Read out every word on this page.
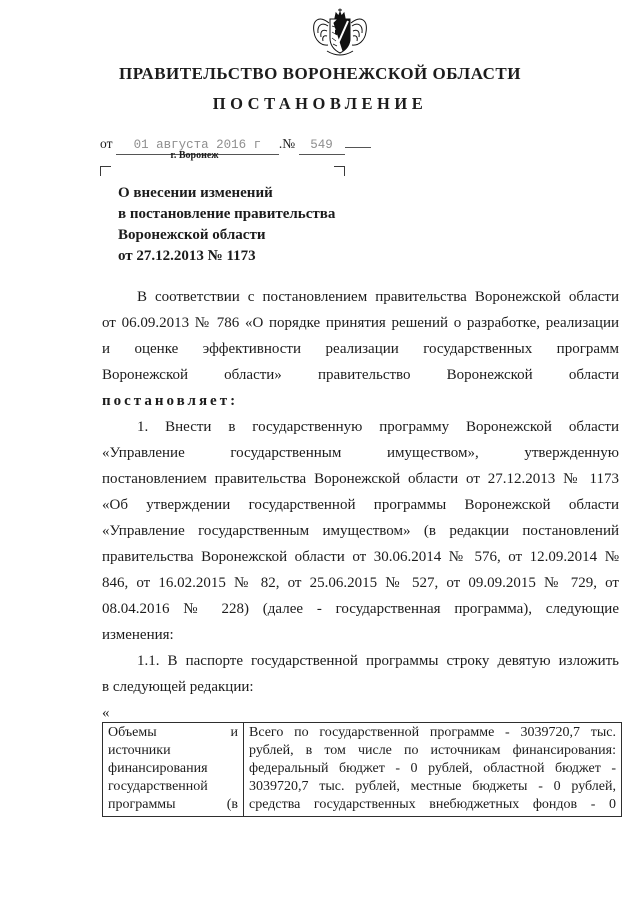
ПРАВИТЕЛЬСТВО ВОРОНЕЖСКОЙ ОБЛАСТИ
ПОСТАНОВЛЕНИЕ
от 01 августа 2016 г .№ 549
г. Воронеж
О внесении изменений
в постановление правительства
Воронежской области
от 27.12.2013 № 1173
В соответствии с постановлением правительства Воронежской области
от 06.09.2013 № 786 «О порядке принятия решений о разработке, реализации
и оценке эффективности реализации государственных программ
Воронежской области» правительство Воронежской области
постановляет:
1. Внести в государственную программу Воронежской области
«Управление государственным имуществом», утвержденную
постановлением правительства Воронежской области от 27.12.2013 № 1173
«Об утверждении государственной программы Воронежской области
«Управление государственным имуществом» (в редакции постановлений
правительства Воронежской области от 30.06.2014 № 576, от 12.09.2014 №
846, от 16.02.2015 № 82, от 25.06.2015 № 527, от 09.09.2015 № 729, от
08.04.2016 № 228) (далее - государственная программа), следующие
изменения:
1.1. В паспорте государственной программы строку девятую изложить
в следующей редакции:
«
Объемы и
источники
финансирования
государственной
программы (в

Всего по государственной программе - 3039720,7 тыс.
рублей, в том числе по источникам финансирования:
федеральный бюджет - 0 рублей, областной бюджет -
3039720,7 тыс. рублей, местные бюджеты - 0 рублей,
средства государственных внебюджетных фондов - 0
